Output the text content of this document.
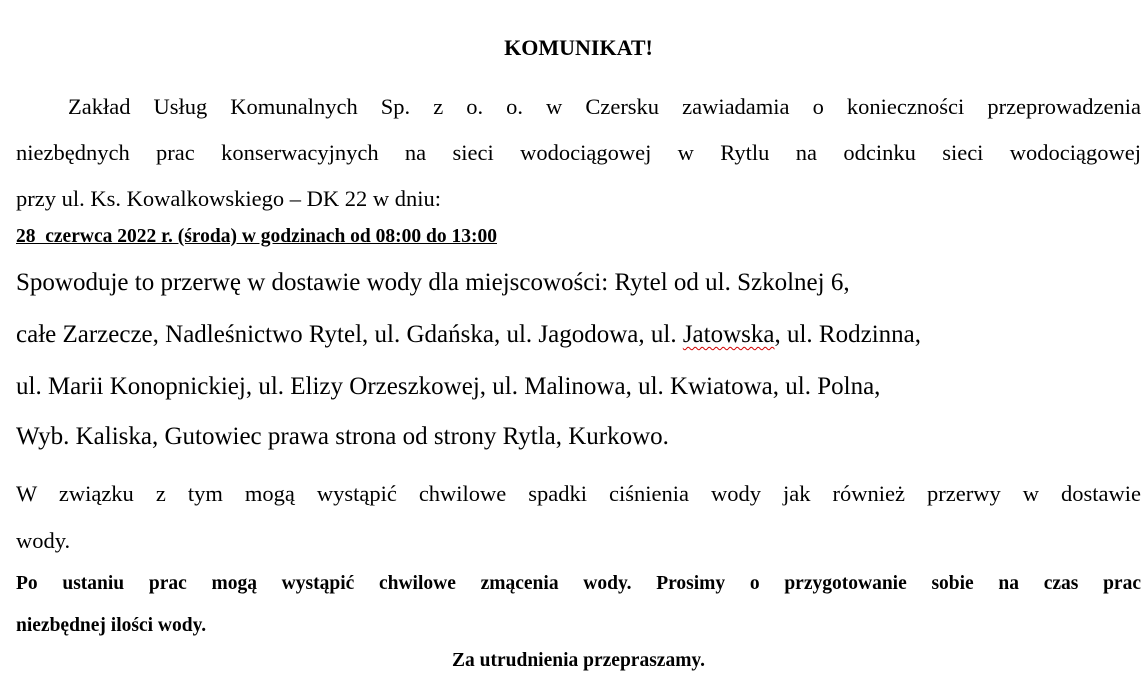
KOMUNIKAT!
Zakład Usług Komunalnych Sp. z o. o. w Czersku zawiadamia o konieczności przeprowadzenia
niezbędnych prac konserwacyjnych na sieci wodociągowej w Rytlu na odcinku sieci wodociągowej
przy ul. Ks. Kowalkowskiego – DK 22 w dniu:
28  czerwca 2022 r. (środa) w godzinach od 08:00 do 13:00
Spowoduje to przerwę w dostawie wody dla miejscowości: Rytel od ul. Szkolnej 6,
całe Zarzecze, Nadleśnictwo Rytel, ul. Gdańska, ul. Jagodowa, ul. Jatowska, ul. Rodzinna,
ul. Marii Konopnickiej, ul. Elizy Orzeszkowej, ul. Malinowa, ul. Kwiatowa, ul. Polna,
Wyb. Kaliska, Gutowiec prawa strona od strony Rytla, Kurkowo.
W związku z tym mogą wystąpić chwilowe spadki ciśnienia wody jak również przerwy w dostawie
wody.
Po ustaniu prac mogą wystąpić chwilowe zmącenia wody. Prosimy o przygotowanie sobie na czas prac
niezbędnej ilości wody.
Za utrudnienia przepraszamy.
